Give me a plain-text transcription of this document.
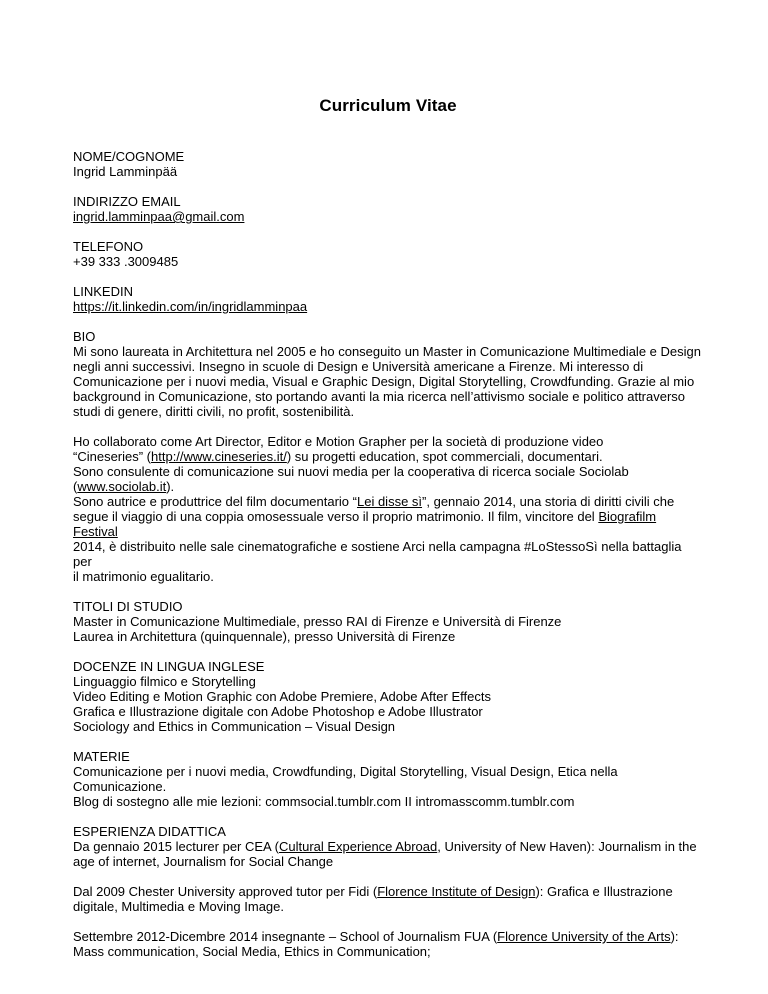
Curriculum Vitae
NOME/COGNOME
Ingrid Lamminpää
INDIRIZZO EMAIL
ingrid.lamminpaa@gmail.com
TELEFONO
+39 333 .3009485
LINKEDIN
https://it.linkedin.com/in/ingridlamminpaa
BIO
Mi sono laureata in Architettura nel 2005 e ho conseguito un Master in Comunicazione Multimediale e Design
negli anni successivi. Insegno in scuole di Design e Università americane a Firenze. Mi interesso di
Comunicazione per i nuovi media, Visual e Graphic Design, Digital Storytelling, Crowdfunding. Grazie al mio
background in Comunicazione, sto portando avanti la mia ricerca nell’attivismo sociale e politico attraverso
studi di genere, diritti civili, no profit, sostenibilità.
Ho collaborato come Art Director, Editor e Motion Grapher per la società di produzione video
“Cineseries” (http://www.cineseries.it/) su progetti education, spot commerciali, documentari.
Sono consulente di comunicazione sui nuovi media per la cooperativa di ricerca sociale Sociolab
(www.sociolab.it).
Sono autrice e produttrice del film documentario “Lei disse sì”, gennaio 2014, una storia di diritti civili che
segue il viaggio di una coppia omosessuale verso il proprio matrimonio. Il film, vincitore del Biografilm Festival
2014, è distribuito nelle sale cinematografiche e sostiene Arci nella campagna #LoStessoSì nella battaglia per
il matrimonio egualitario.
TITOLI DI STUDIO
Master in Comunicazione Multimediale, presso RAI di Firenze e Università di Firenze
Laurea in Architettura (quinquennale), presso Università di Firenze
DOCENZE IN LINGUA INGLESE
Linguaggio filmico e Storytelling
Video Editing e Motion Graphic con Adobe Premiere, Adobe After Effects
Grafica e Illustrazione digitale con Adobe Photoshop e Adobe Illustrator
Sociology and Ethics in Communication – Visual Design
MATERIE
Comunicazione per i nuovi media, Crowdfunding, Digital Storytelling, Visual Design, Etica nella
Comunicazione.
Blog di sostegno alle mie lezioni: commsocial.tumblr.com II intromasscomm.tumblr.com
ESPERIENZA DIDATTICA
Da gennaio 2015 lecturer per CEA (Cultural Experience Abroad, University of New Haven): Journalism in the
age of internet, Journalism for Social Change
Dal 2009 Chester University approved tutor per Fidi (Florence Institute of Design): Grafica e Illustrazione
digitale, Multimedia e Moving Image.
Settembre 2012-Dicembre 2014 insegnante – School of Journalism FUA (Florence University of the Arts):
Mass communication, Social Media, Ethics in Communication;
